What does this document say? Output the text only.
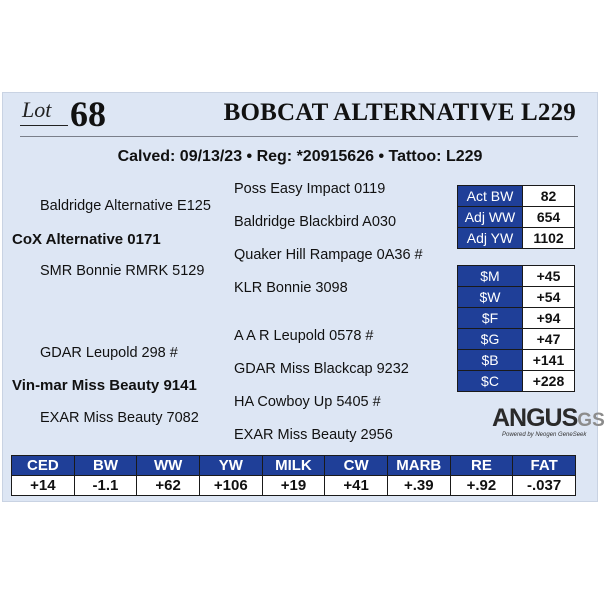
Lot 68	BOBCAT ALTERNATIVE L229
Calved: 09/13/23 • Reg: *20915626 • Tattoo: L229
Poss Easy Impact 0119
Baldridge Alternative E125
Baldridge Blackbird A030
CoX Alternative 0171
Quaker Hill Rampage 0A36 #
SMR Bonnie RMRK 5129
KLR Bonnie 3098
A A R Leupold 0578 #
GDAR Leupold 298 #
GDAR Miss Blackcap 9232
Vin-mar Miss Beauty 9141
HA Cowboy Up 5405 #
EXAR Miss Beauty 7082
EXAR Miss Beauty 2956
Act BW	82
Adj WW	654
Adj YW	1102
$M	+45
$W	+54
$F	+94
$G	+47
$B	+141
$C	+228
ANGUSGS
Powered by Neogen GeneSeek
CED	BW	WW	YW	MILK	CW	MARB	RE	FAT
+14	-1.1	+62	+106	+19	+41	+.39	+.92	-.037
